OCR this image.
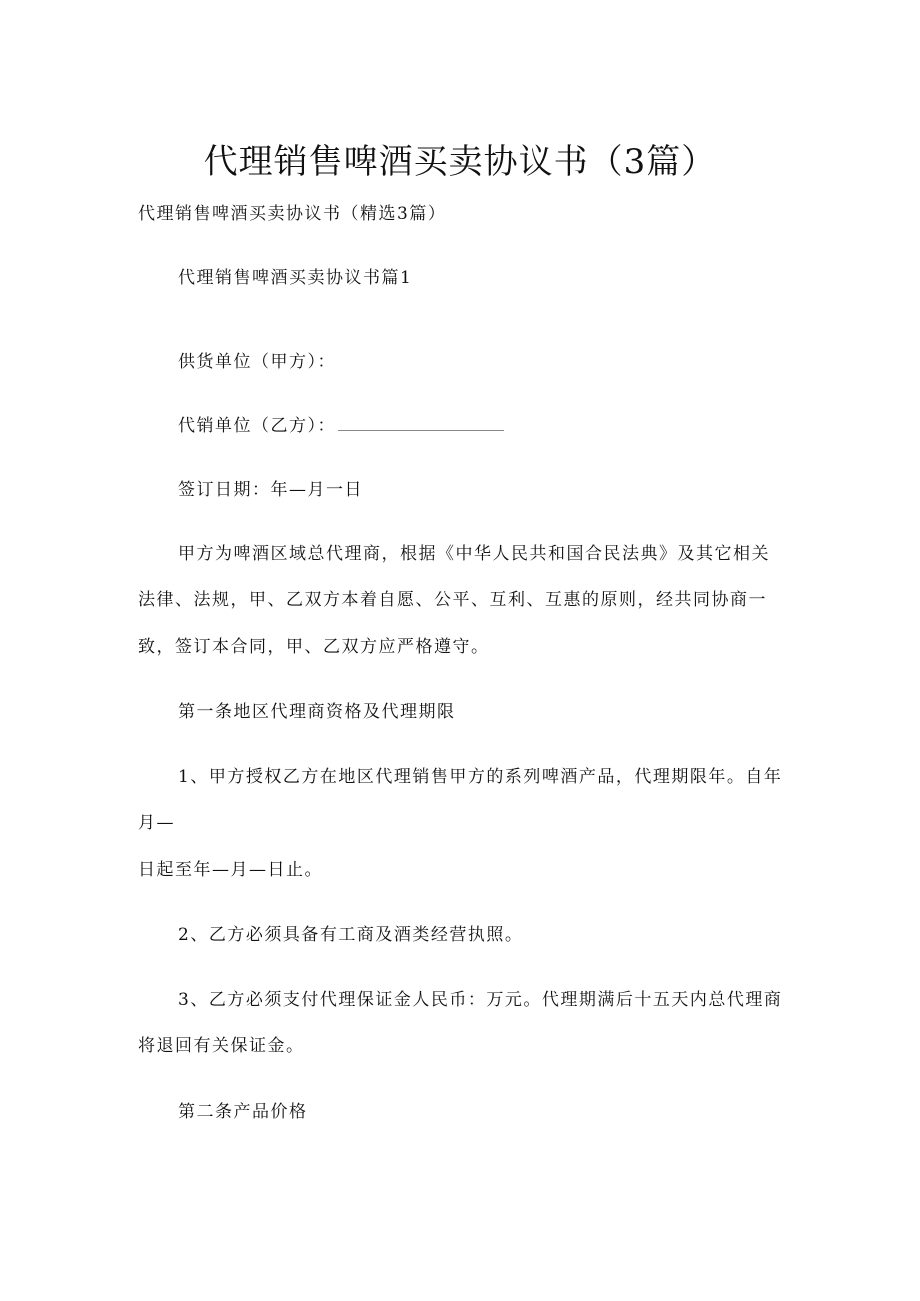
代理销售啤酒买卖协议书（3篇）
代理销售啤酒买卖协议书（精选3篇）
代理销售啤酒买卖协议书篇1
供货单位（甲方）：
代销单位（乙方）：
签订日期：年—月一日
甲方为啤酒区域总代理商，根据《中华人民共和国合民法典》及其它相关
法律、法规，甲、乙双方本着自愿、公平、互利、互惠的原则，经共同协商一
致，签订本合同，甲、乙双方应严格遵守。
第一条地区代理商资格及代理期限
1、甲方授权乙方在地区代理销售甲方的系列啤酒产品，代理期限年。自年
月—
日起至年—月—日止。
2、乙方必须具备有工商及酒类经营执照。
3、乙方必须支付代理保证金人民币：万元。代理期满后十五天内总代理商
将退回有关保证金。
第二条产品价格
